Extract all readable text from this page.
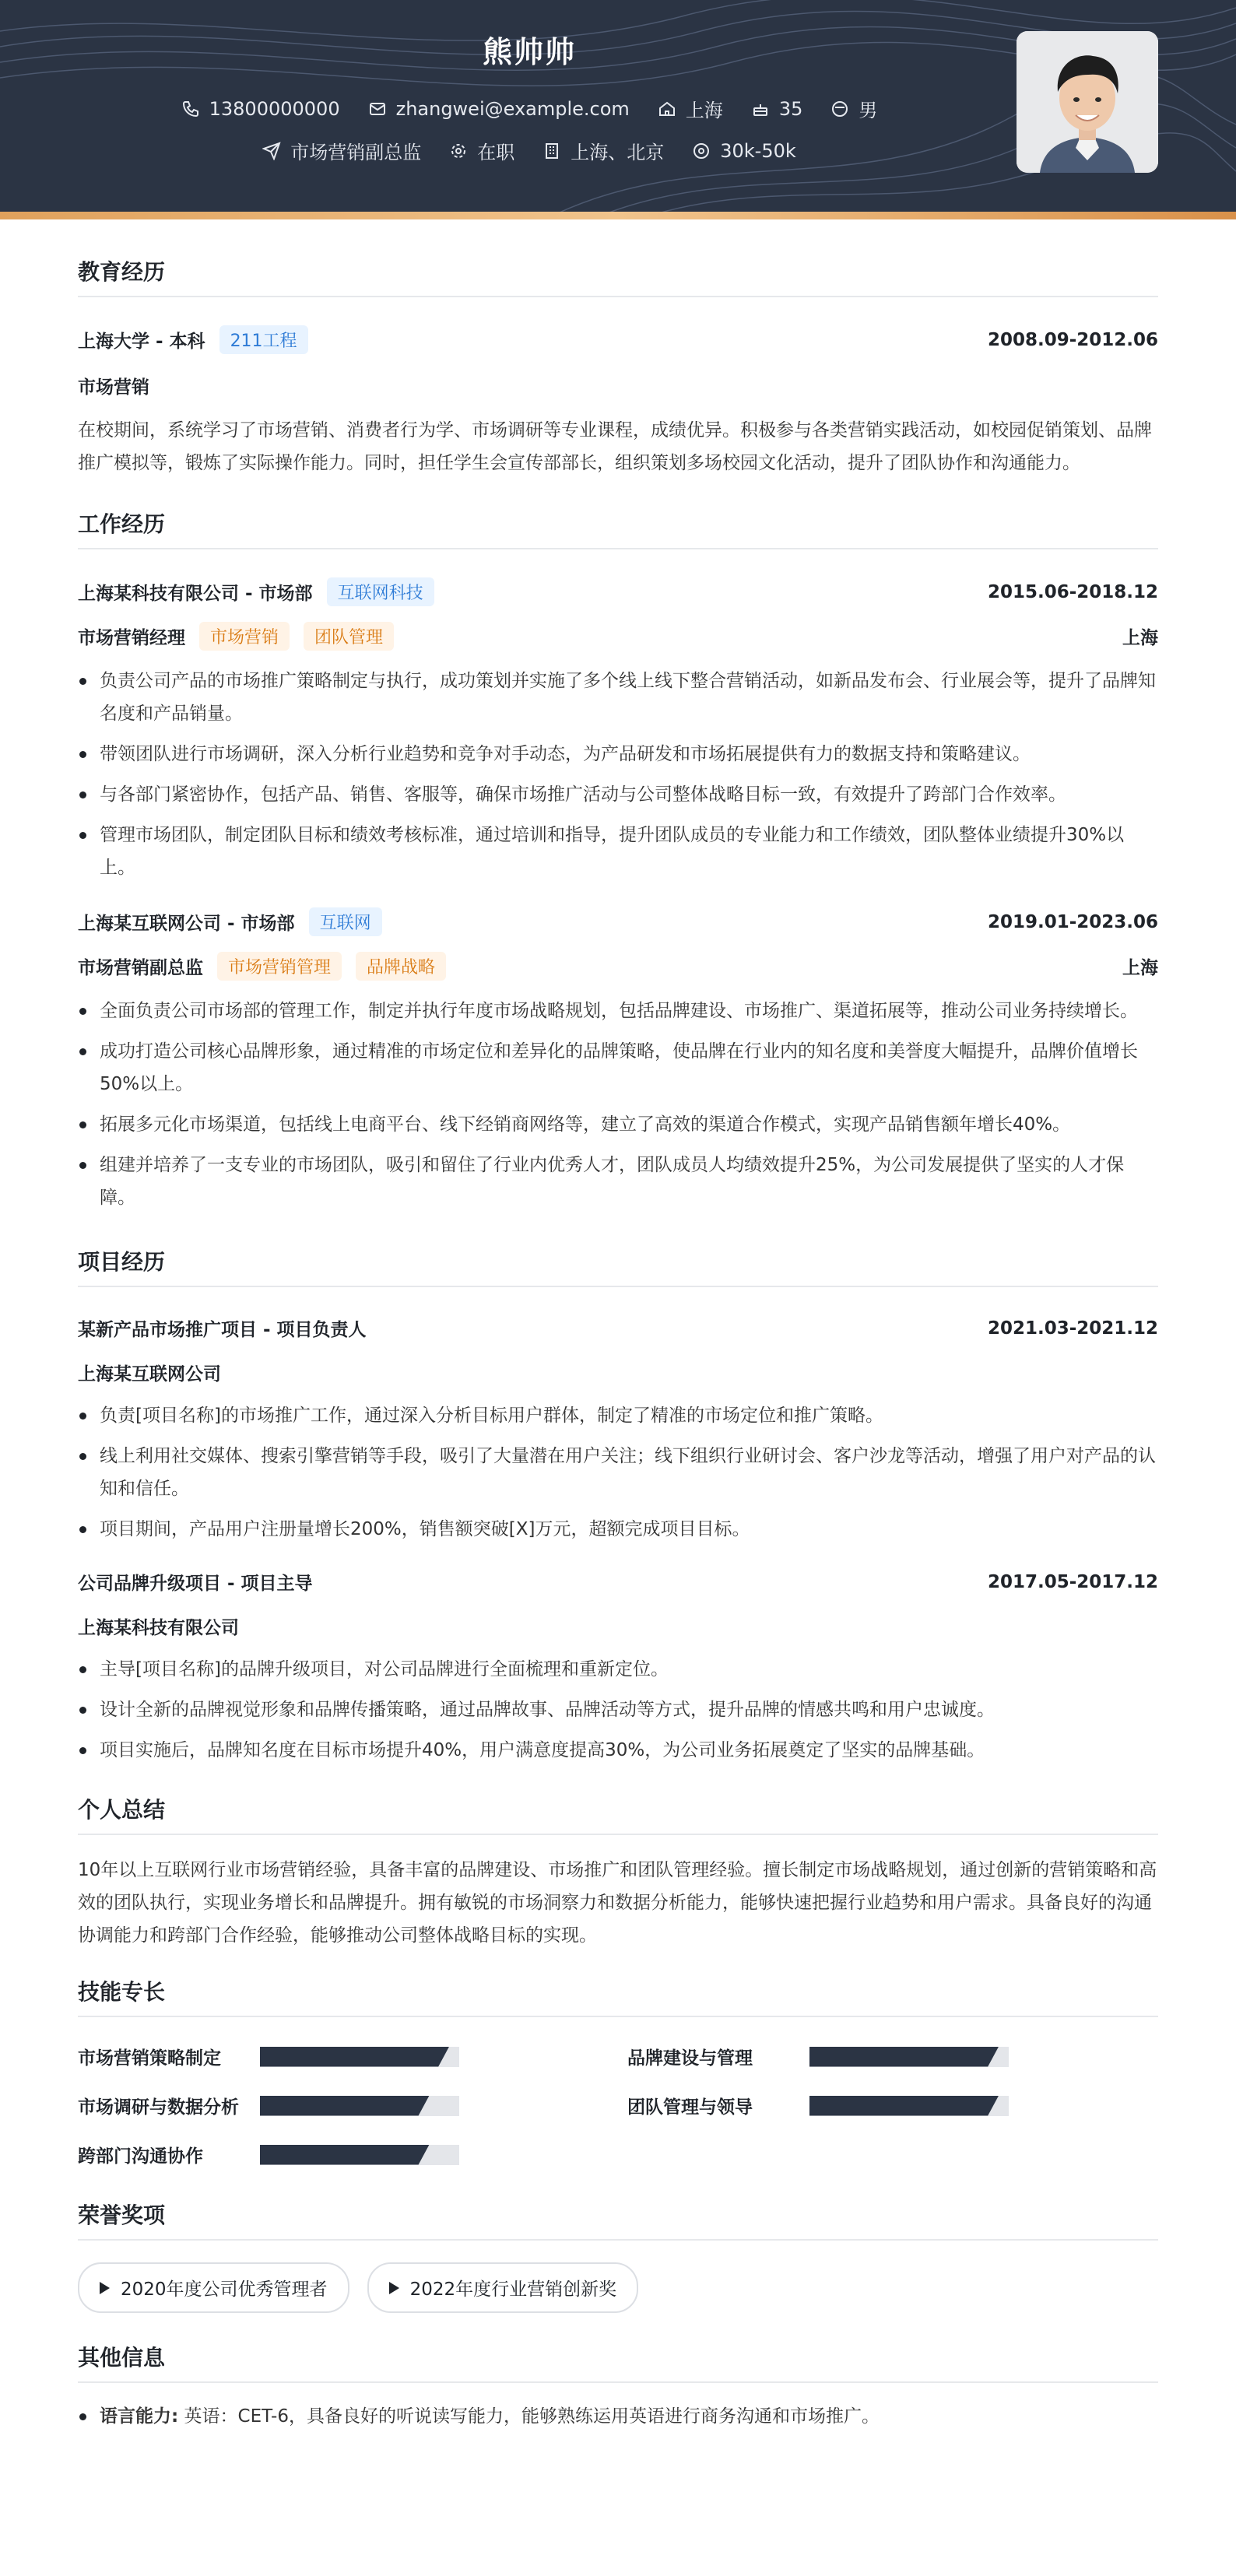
熊帅帅
13800000000	zhangwei@example.com	上海	35	男
市场营销副总监	在职	上海、北京	30k-50k
教育经历
上海大学 - 本科	211工程	2008.09-2012.06
市场营销
在校期间，系统学习了市场营销、消费者行为学、市场调研等专业课程，成绩优异。积极参与各类营销实践活动，如校园促销策划、品牌推广模拟等，锻炼了实际操作能力。同时，担任学生会宣传部部长，组织策划多场校园文化活动，提升了团队协作和沟通能力。
工作经历
上海某科技有限公司 - 市场部	互联网科技	2015.06-2018.12
市场营销经理	市场营销	团队管理	上海
负责公司产品的市场推广策略制定与执行，成功策划并实施了多个线上线下整合营销活动，如新品发布会、行业展会等，提升了品牌知名度和产品销量。
带领团队进行市场调研，深入分析行业趋势和竞争对手动态，为产品研发和市场拓展提供有力的数据支持和策略建议。
与各部门紧密协作，包括产品、销售、客服等，确保市场推广活动与公司整体战略目标一致，有效提升了跨部门合作效率。
管理市场团队，制定团队目标和绩效考核标准，通过培训和指导，提升团队成员的专业能力和工作绩效，团队整体业绩提升30%以上。
上海某互联网公司 - 市场部	互联网	2019.01-2023.06
市场营销副总监	市场营销管理	品牌战略	上海
全面负责公司市场部的管理工作，制定并执行年度市场战略规划，包括品牌建设、市场推广、渠道拓展等，推动公司业务持续增长。
成功打造公司核心品牌形象，通过精准的市场定位和差异化的品牌策略，使品牌在行业内的知名度和美誉度大幅提升，品牌价值增长50%以上。
拓展多元化市场渠道，包括线上电商平台、线下经销商网络等，建立了高效的渠道合作模式，实现产品销售额年增长40%。
组建并培养了一支专业的市场团队，吸引和留住了行业内优秀人才，团队成员人均绩效提升25%，为公司发展提供了坚实的人才保障。
项目经历
某新产品市场推广项目 - 项目负责人	2021.03-2021.12
上海某互联网公司
负责[项目名称]的市场推广工作，通过深入分析目标用户群体，制定了精准的市场定位和推广策略。
线上利用社交媒体、搜索引擎营销等手段，吸引了大量潜在用户关注；线下组织行业研讨会、客户沙龙等活动，增强了用户对产品的认知和信任。
项目期间，产品用户注册量增长200%，销售额突破[X]万元，超额完成项目目标。
公司品牌升级项目 - 项目主导	2017.05-2017.12
上海某科技有限公司
主导[项目名称]的品牌升级项目，对公司品牌进行全面梳理和重新定位。
设计全新的品牌视觉形象和品牌传播策略，通过品牌故事、品牌活动等方式，提升品牌的情感共鸣和用户忠诚度。
项目实施后，品牌知名度在目标市场提升40%，用户满意度提高30%，为公司业务拓展奠定了坚实的品牌基础。
个人总结
10年以上互联网行业市场营销经验，具备丰富的品牌建设、市场推广和团队管理经验。擅长制定市场战略规划，通过创新的营销策略和高效的团队执行，实现业务增长和品牌提升。拥有敏锐的市场洞察力和数据分析能力，能够快速把握行业趋势和用户需求。具备良好的沟通协调能力和跨部门合作经验，能够推动公司整体战略目标的实现。
技能专长
市场营销策略制定	品牌建设与管理
市场调研与数据分析	团队管理与领导
跨部门沟通协作
荣誉奖项
2020年度公司优秀管理者
	2022年度行业营销创新奖
其他信息
语言能力: 英语：CET-6，具备良好的听说读写能力，能够熟练运用英语进行商务沟通和市场推广。
